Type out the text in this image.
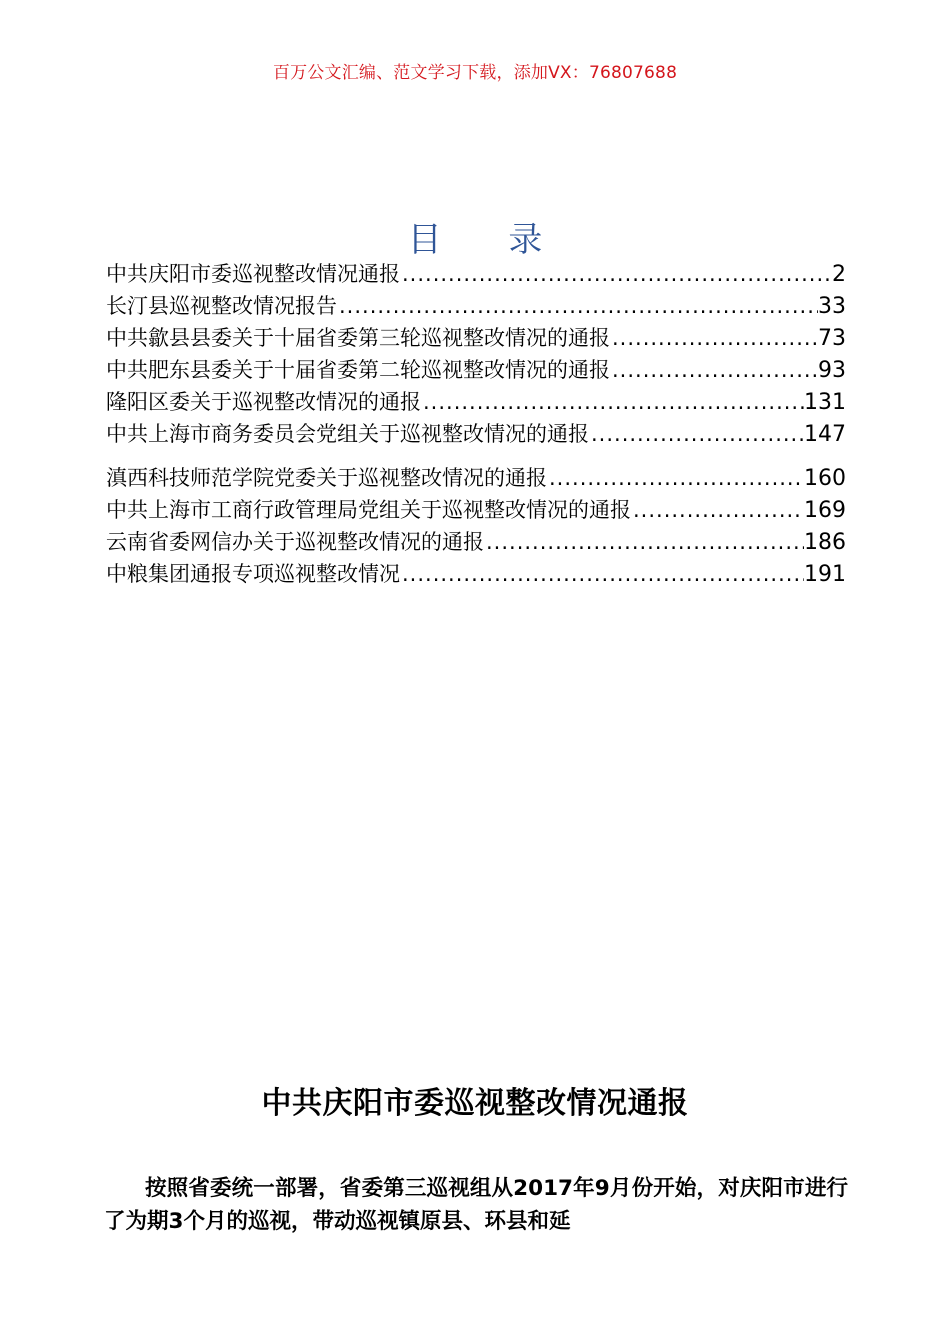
百万公文汇编、范文学习下载，添加VX：76807688
目 录
中共庆阳市委巡视整改情况通报 .....	2
长汀县巡视整改情况报告 .....	33
中共歙县县委关于十届省委第三轮巡视整改情况的通报 .....	73
中共肥东县委关于十届省委第二轮巡视整改情况的通报 .....	93
隆阳区委关于巡视整改情况的通报 .....	131
中共上海市商务委员会党组关于巡视整改情况的通报 .....	147
滇西科技师范学院党委关于巡视整改情况的通报 .....	160
中共上海市工商行政管理局党组关于巡视整改情况的通报 .....	169
云南省委网信办关于巡视整改情况的通报 .....	186
中粮集团通报专项巡视整改情况 .....	191
中共庆阳市委巡视整改情况通报
按照省委统一部署，省委第三巡视组从2017年9月份开始，对庆阳市进行了为期3个月的巡视，带动巡视镇原县、环县和延
